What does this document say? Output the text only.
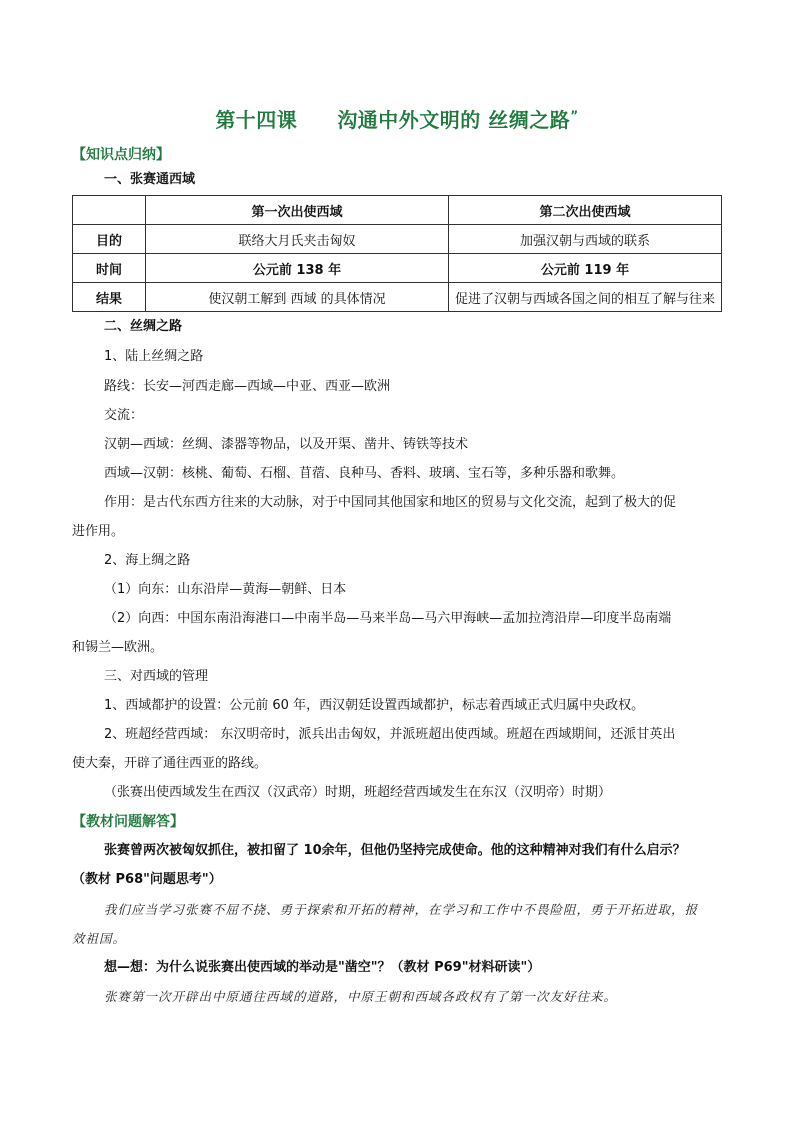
第十四课 沟通中外文明的 丝绸之路”
【知识点归纳】
一、张赛通西域
	第一次出使西域	第二次出使西域
目的	联络大月氏夹击匈奴	加强汉朝与西域的联系
时间	公元前 138 年	公元前 119 年
结果	使汉朝工解到 西域 的具体情况	促进了汉朝与西域各国之间的相互了解与往来
二、丝绸之路
1、陆上丝绸之路
路线：长安—河西走廊—西域—中亚、西亚—欧洲
交流：
汉朝—西域：丝绸、漆器等物品，以及开渠、凿井、铸铁等技术
西域—汉朝：核桃、葡萄、石榴、苜蓿、良种马、香料、玻璃、宝石等，多种乐器和歌舞。
作用：是古代东西方往来的大动脉，对于中国同其他国家和地区的贸易与文化交流，起到了极大的促
进作用。
2、海上绸之路
（1）向东：山东沿岸—黄海—朝鲜、日本
（2）向西：中国东南沿海港口—中南半岛—马来半岛—马六甲海峡—孟加拉湾沿岸—印度半岛南端
和锡兰—欧洲。
三、对西域的管理
1、西域都护的设置：公元前 60 年，西汉朝廷设置西域都护，标志着西域正式归属中央政权。
2、班超经营西域： 东汉明帝时，派兵出击匈奴，并派班超出使西域。班超在西域期间，还派甘英出
使大秦，开辟了通往西亚的路线。
（张赛出使西域发生在西汉（汉武帝）时期，班超经营西域发生在东汉（汉明帝）时期）
【教材问题解答】
张赛曾两次被匈奴抓住，被扣留了 10余年，但他仍坚持完成使命。他的这种精神对我们有什么启示？
（教材 P68"问题思考"）
我们应当学习张赛不屈不挠、勇于探索和开拓的精神，在学习和工作中不畏险阻，勇于开拓进取，报
效祖国。
想—想：为什么说张赛出使西域的举动是"凿空"？（教材 P69"材料研读"）
张赛第一次开辟出中原通往西域的道路，中原王朝和西域各政权有了第一次友好往来。
